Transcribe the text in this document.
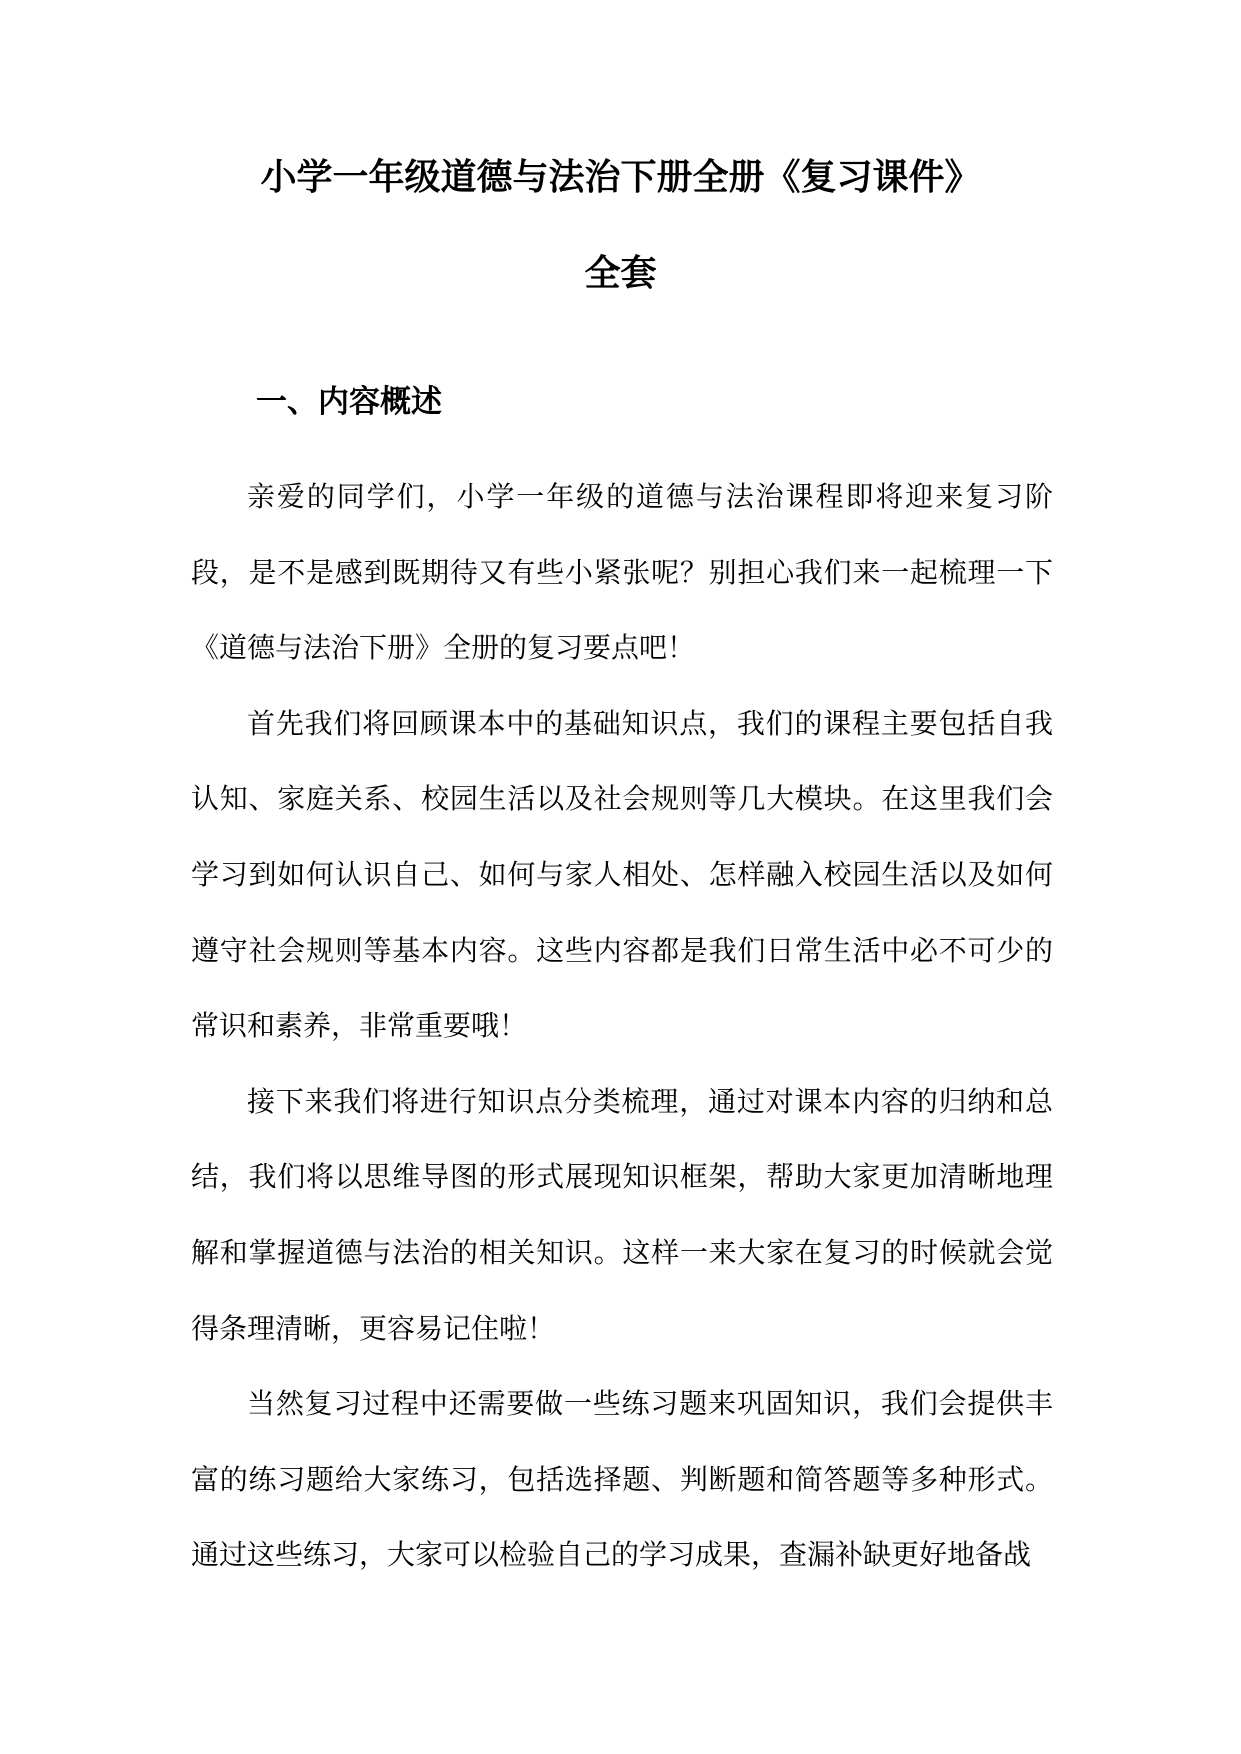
小学一年级道德与法治下册全册《复习课件》
全套
一、内容概述

亲爱的同学们，小学一年级的道德与法治课程即将迎来复习阶段，是不是感到既期待又有些小紧张呢？别担心我们来一起梳理一下《道德与法治下册》全册的复习要点吧！

首先我们将回顾课本中的基础知识点，我们的课程主要包括自我认知、家庭关系、校园生活以及社会规则等几大模块。在这里我们会学习到如何认识自己、如何与家人相处、怎样融入校园生活以及如何遵守社会规则等基本内容。这些内容都是我们日常生活中必不可少的常识和素养，非常重要哦！

接下来我们将进行知识点分类梳理，通过对课本内容的归纳和总结，我们将以思维导图的形式展现知识框架，帮助大家更加清晰地理解和掌握道德与法治的相关知识。这样一来大家在复习的时候就会觉得条理清晰，更容易记住啦！

当然复习过程中还需要做一些练习题来巩固知识，我们会提供丰富的练习题给大家练习，包括选择题、判断题和简答题等多种形式。通过这些练习，大家可以检验自己的学习成果，查漏补缺更好地备战
